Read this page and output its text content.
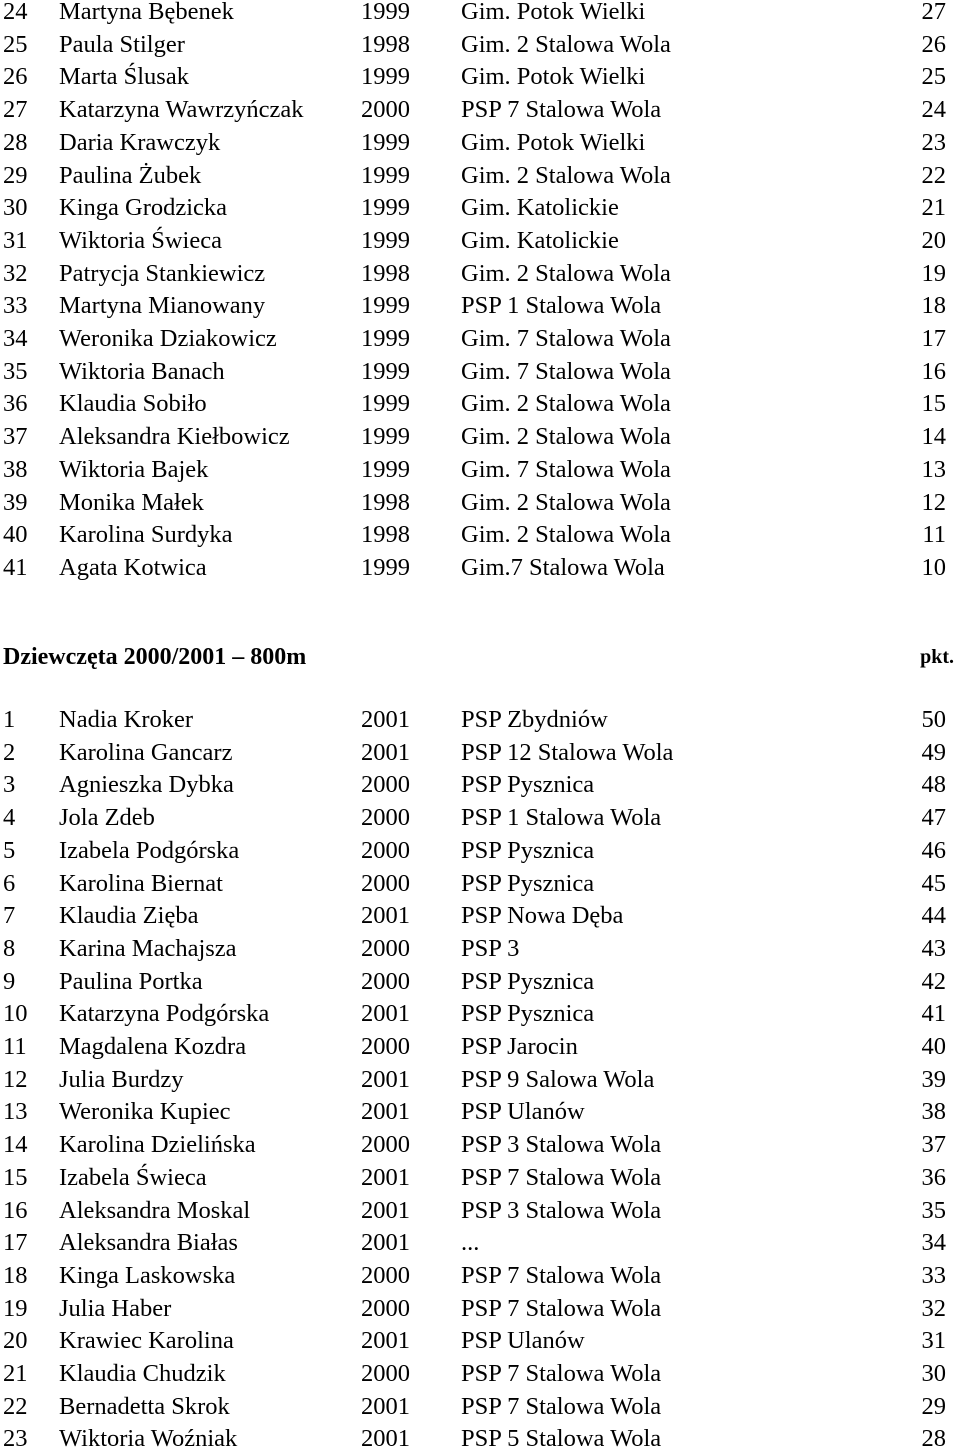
24 Martyna Bębenek	1999 Gim. Potok Wielki	27
25 Paula Stilger	1998 Gim. 2 Stalowa Wola	26
26 Marta Ślusak	1999 Gim. Potok Wielki	25
27 Katarzyna Wawrzyńczak 2000 PSP 7 Stalowa Wola	24
28 Daria Krawczyk	1999 Gim. Potok Wielki	23
29 Paulina Żubek	1999 Gim. 2 Stalowa Wola	22
30 Kinga Grodzicka	1999 Gim. Katolickie	21
31 Wiktoria Świeca	1999 Gim. Katolickie	20
32 Patrycja Stankiewicz	1998 Gim. 2 Stalowa Wola	19
33 Martyna Mianowany	1999 PSP 1 Stalowa Wola	18
34 Weronika Dziakowicz	1999 Gim. 7 Stalowa Wola	17
35 Wiktoria Banach	1999 Gim. 7 Stalowa Wola	16
36 Klaudia Sobiło	1999 Gim. 2 Stalowa Wola	15
37 Aleksandra Kiełbowicz	1999 Gim. 2 Stalowa Wola	14
38 Wiktoria Bajek	1999 Gim. 7 Stalowa Wola	13
39 Monika Małek	1998 Gim. 2 Stalowa Wola	12
40 Karolina Surdyka	1998 Gim. 2 Stalowa Wola	11
41 Agata Kotwica	1999 Gim.7 Stalowa Wola	10
Dziewczęta 2000/2001 – 800m	pkt.
1 Nadia Kroker	2001 PSP Zbydniów	50
2 Karolina Gancarz	2001 PSP 12 Stalowa Wola	49
3 Agnieszka Dybka	2000 PSP Pysznica	48
4 Jola Zdeb	2000 PSP 1 Stalowa Wola	47
5 Izabela Podgórska	2000 PSP Pysznica	46
6 Karolina Biernat	2000 PSP Pysznica	45
7 Klaudia Zięba	2001 PSP Nowa Dęba	44
8 Karina Machajsza	2000 PSP 3	43
9 Paulina Portka	2000 PSP Pysznica	42
10 Katarzyna Podgórska	2001 PSP Pysznica	41
11 Magdalena Kozdra	2000 PSP Jarocin	40
12 Julia Burdzy	2001 PSP 9 Salowa Wola	39
13 Weronika Kupiec	2001 PSP Ulanów	38
14 Karolina Dzielińska	2000 PSP 3 Stalowa Wola	37
15 Izabela Świeca	2001 PSP 7 Stalowa Wola	36
16 Aleksandra Moskal	2001 PSP 3 Stalowa Wola	35
17 Aleksandra Białas	2001 ...	34
18 Kinga Laskowska	2000 PSP 7 Stalowa Wola	33
19 Julia Haber	2000 PSP 7 Stalowa Wola	32
20 Krawiec Karolina	2001 PSP Ulanów	31
21 Klaudia Chudzik	2000 PSP 7 Stalowa Wola	30
22 Bernadetta Skrok	2001 PSP 7 Stalowa Wola	29
23 Wiktoria Woźniak	2001 PSP 5 Stalowa Wola	28
